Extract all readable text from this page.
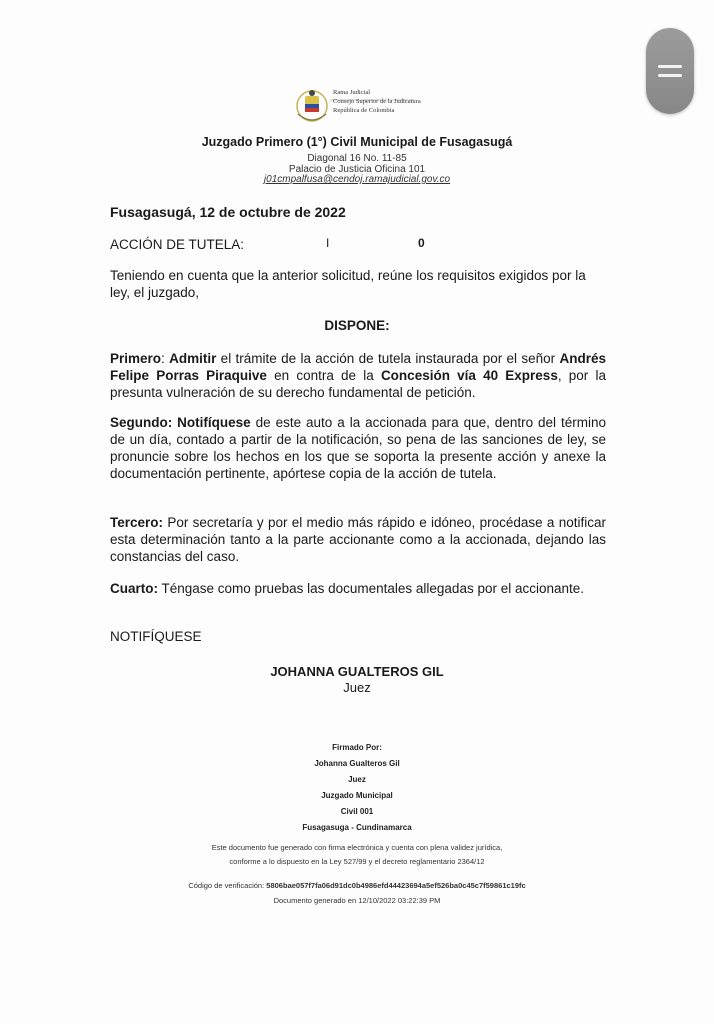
Rama Judicial
Consejo Superior de la Judicatura
República de Colombia
Juzgado Primero (1°) Civil Municipal de Fusagasugá
Diagonal 16 No. 11-85
Palacio de Justicia Oficina 101
j01cmpalfusa@cendoj.ramajudicial.gov.co
Fusagasugá, 12 de octubre de 2022
ACCIÓN DE TUTELA:	I	0
Teniendo en cuenta que la anterior solicitud, reúne los requisitos exigidos por la ley, el juzgado,
DISPONE:
Primero: Admitir el trámite de la acción de tutela instaurada por el señor Andrés Felipe Porras Piraquive en contra de la Concesión vía 40 Express, por la presunta vulneración de su derecho fundamental de petición.
Segundo: Notifíquese de este auto a la accionada para que, dentro del término de un día, contado a partir de la notificación, so pena de las sanciones de ley, se pronuncie sobre los hechos en los que se soporta la presente acción y anexe la documentación pertinente, apórtese copia de la acción de tutela.
Tercero: Por secretaría y por el medio más rápido e idóneo, procédase a notificar esta determinación tanto a la parte accionante como a la accionada, dejando las constancias del caso.
Cuarto: Téngase como pruebas las documentales allegadas por el accionante.
NOTIFÍQUESE
JOHANNA GUALTEROS GIL
Juez
Firmado Por:
Johanna Gualteros Gil
Juez
Juzgado Municipal
Civil 001
Fusagasuga - Cundinamarca
Este documento fue generado con firma electrónica y cuenta con plena validez jurídica,
conforme a lo dispuesto en la Ley 527/99 y el decreto reglamentario 2364/12
Código de verificación: 5806bae057f7fa06d91dc0b4986efd44423694a5ef526ba0c45c7f59861c19fc
Documento generado en 12/10/2022 03:22:39 PM
